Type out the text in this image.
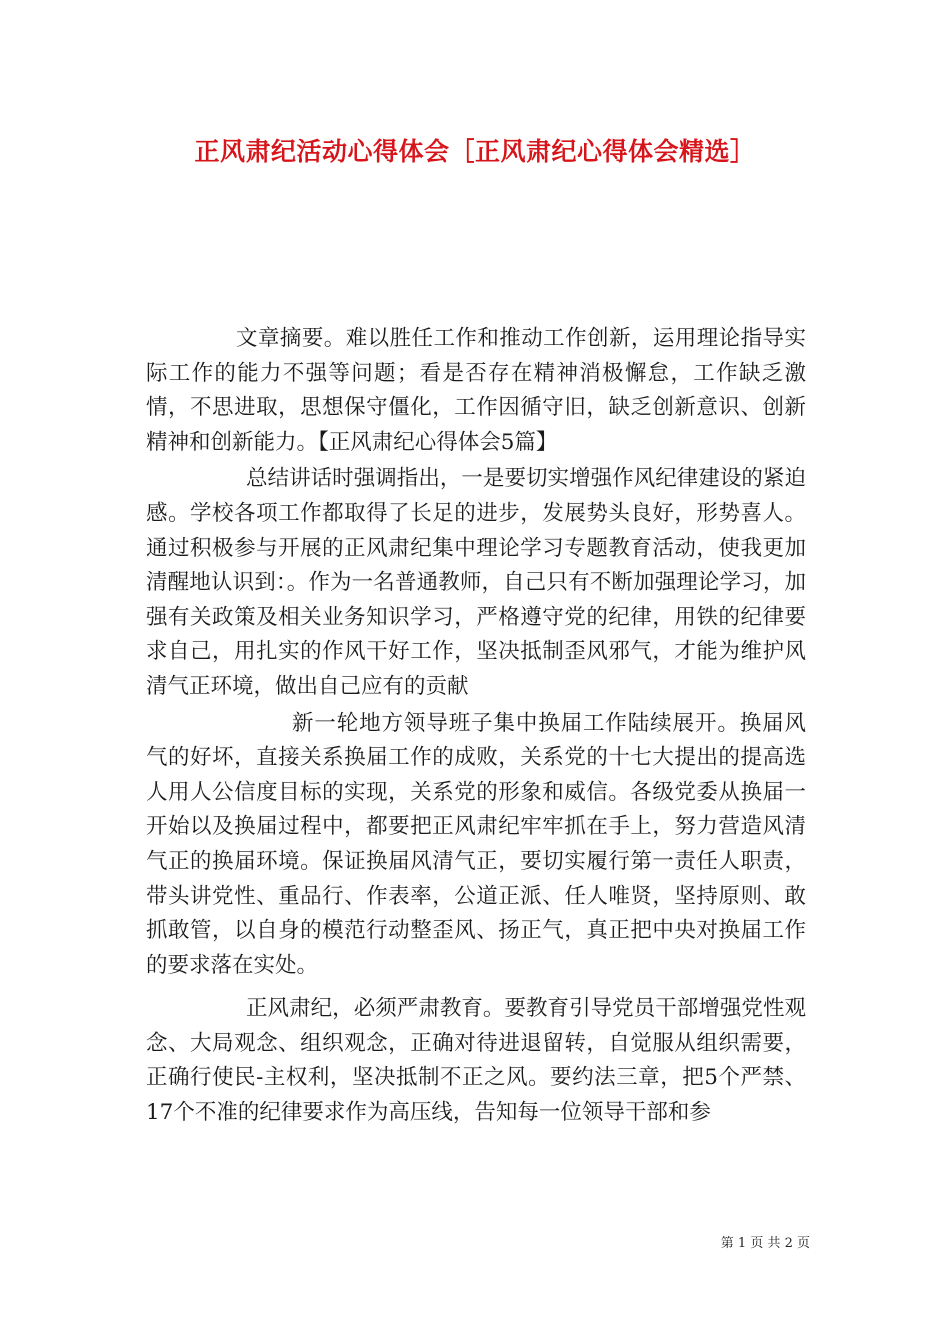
正风肃纪活动心得体会［正风肃纪心得体会精选］

文章摘要。难以胜任工作和推动工作创新，运用理论指导实际工作的能力不强等问题；看是否存在精神消极懈怠，工作缺乏激情，不思进取，思想保守僵化，工作因循守旧，缺乏创新意识、创新精神和创新能力。【正风肃纪心得体会5篇】

总结讲话时强调指出，一是要切实增强作风纪律建设的紧迫感。学校各项工作都取得了长足的进步，发展势头良好，形势喜人。通过积极参与开展的正风肃纪集中理论学习专题教育活动，使我更加清醒地认识到：。作为一名普通教师，自己只有不断加强理论学习，加强有关政策及相关业务知识学习，严格遵守党的纪律，用铁的纪律要求自己，用扎实的作风干好工作，坚决抵制歪风邪气，才能为维护风清气正环境，做出自己应有的贡献

新一轮地方领导班子集中换届工作陆续展开。换届风气的好坏，直接关系换届工作的成败，关系党的十七大提出的提高选人用人公信度目标的实现，关系党的形象和威信。各级党委从换届一开始以及换届过程中，都要把正风肃纪牢牢抓在手上，努力营造风清气正的换届环境。保证换届风清气正，要切实履行第一责任人职责，带头讲党性、重品行、作表率，公道正派、任人唯贤，坚持原则、敢抓敢管，以自身的模范行动整歪风、扬正气，真正把中央对换届工作的要求落在实处。

正风肃纪，必须严肃教育。要教育引导党员干部增强党性观念、大局观念、组织观念，正确对待进退留转，自觉服从组织需要，正确行使民-主权利，坚决抵制不正之风。要约法三章，把5个严禁、17个不准的纪律要求作为高压线，告知每一位领导干部和参

第 1 页 共 2 页
